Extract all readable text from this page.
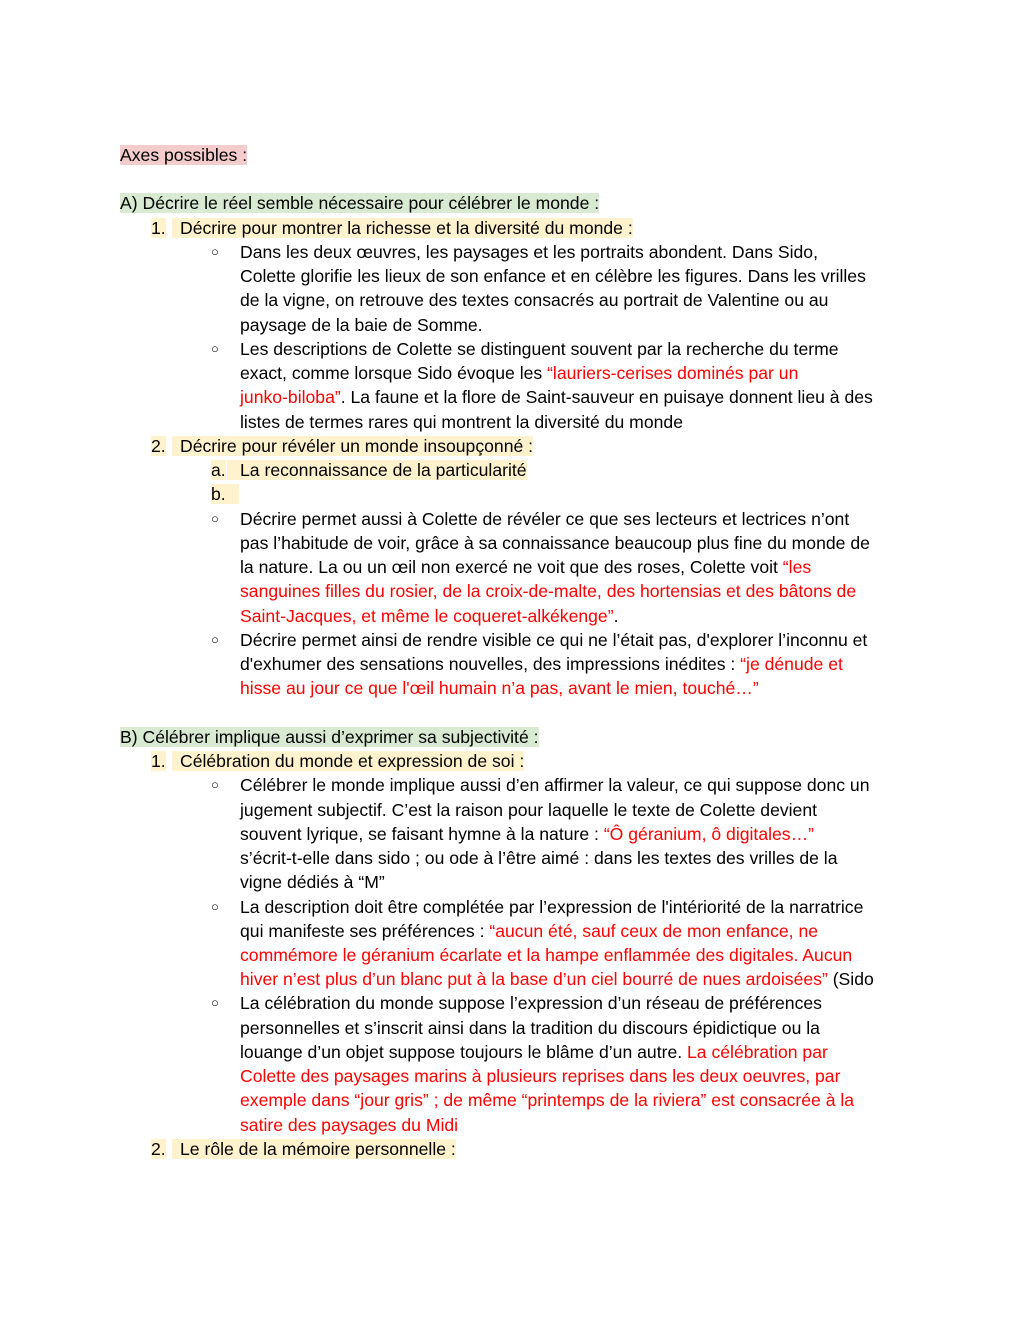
Axes possibles :
A) Décrire le réel semble nécessaire pour célébrer le monde :
1. Décrire pour montrer la richesse et la diversité du monde :
○ Dans les deux œuvres, les paysages et les portraits abondent. Dans Sido,
Colette glorifie les lieux de son enfance et en célèbre les figures. Dans les vrilles
de la vigne, on retrouve des textes consacrés au portrait de Valentine ou au
paysage de la baie de Somme.
○ Les descriptions de Colette se distinguent souvent par la recherche du terme
exact, comme lorsque Sido évoque les “lauriers-cerises dominés par un
junko-biloba”. La faune et la flore de Saint-sauveur en puisaye donnent lieu à des
listes de termes rares qui montrent la diversité du monde
2. Décrire pour révéler un monde insoupçonné :
a. La reconnaissance de la particularité
b.
○ Décrire permet aussi à Colette de révéler ce que ses lecteurs et lectrices n’ont
pas l’habitude de voir, grâce à sa connaissance beaucoup plus fine du monde de
la nature. La ou un œil non exercé ne voit que des roses, Colette voit “les
sanguines filles du rosier, de la croix-de-malte, des hortensias et des bâtons de
Saint-Jacques, et même le coqueret-alkékenge”.
○ Décrire permet ainsi de rendre visible ce qui ne l’était pas, d'explorer l’inconnu et
d'exhumer des sensations nouvelles, des impressions inédites : “je dénude et
hisse au jour ce que l'œil humain n’a pas, avant le mien, touché…”
B) Célébrer implique aussi d’exprimer sa subjectivité :
1. Célébration du monde et expression de soi :
○ Célébrer le monde implique aussi d’en affirmer la valeur, ce qui suppose donc un
jugement subjectif. C’est la raison pour laquelle le texte de Colette devient
souvent lyrique, se faisant hymne à la nature : “Ô géranium, ô digitales…”
s’écrit-t-elle dans sido ; ou ode à l’être aimé : dans les textes des vrilles de la
vigne dédiés à “M”
○ La description doit être complétée par l’expression de l'intériorité de la narratrice
qui manifeste ses préférences : “aucun été, sauf ceux de mon enfance, ne
commémore le géranium écarlate et la hampe enflammée des digitales. Aucun
hiver n’est plus d’un blanc put à la base d’un ciel bourré de nues ardoisées” (Sido
○ La célébration du monde suppose l’expression d’un réseau de préférences
personnelles et s’inscrit ainsi dans la tradition du discours épidictique ou la
louange d’un objet suppose toujours le blâme d’un autre. La célébration par
Colette des paysages marins à plusieurs reprises dans les deux oeuvres, par
exemple dans “jour gris” ; de même “printemps de la riviera” est consacrée à la
satire des paysages du Midi
2. Le rôle de la mémoire personnelle :
